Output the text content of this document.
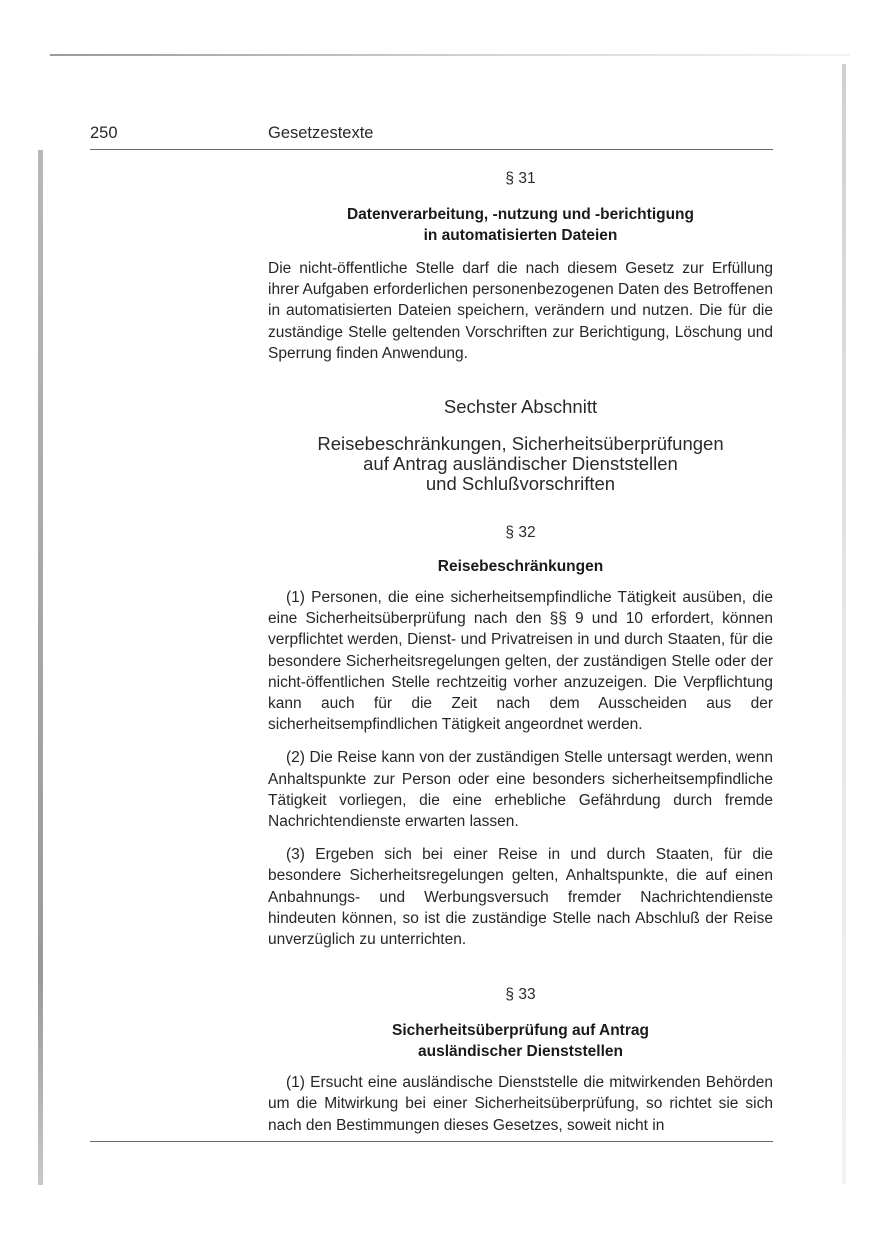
250	Gesetzestexte
§ 31
Datenverarbeitung, -nutzung und -berichtigung
in automatisierten Dateien

Die nicht-öffentliche Stelle darf die nach diesem Gesetz zur Erfüllung ihrer Aufgaben erforderlichen personenbezogenen Daten des Betroffenen in automatisierten Dateien speichern, verändern und nutzen. Die für die zuständige Stelle geltenden Vorschriften zur Berichtigung, Löschung und Sperrung finden Anwendung.

Sechster Abschnitt
Reisebeschränkungen, Sicherheitsüberprüfungen
auf Antrag ausländischer Dienststellen
und Schlußvorschriften
§ 32
Reisebeschränkungen

(1) Personen, die eine sicherheitsempfindliche Tätigkeit ausüben, die eine Sicherheitsüberprüfung nach den §§ 9 und 10 erfordert, können verpflichtet werden, Dienst- und Privatreisen in und durch Staaten, für die besondere Sicherheitsregelungen gelten, der zuständigen Stelle oder der nicht-öffentlichen Stelle rechtzeitig vorher anzuzeigen. Die Verpflichtung kann auch für die Zeit nach dem Ausscheiden aus der sicherheitsempfindlichen Tätigkeit angeordnet werden.

(2) Die Reise kann von der zuständigen Stelle untersagt werden, wenn Anhaltspunkte zur Person oder eine besonders sicherheitsempfindliche Tätigkeit vorliegen, die eine erhebliche Gefährdung durch fremde Nachrichtendienste erwarten lassen.

(3) Ergeben sich bei einer Reise in und durch Staaten, für die besondere Sicherheitsregelungen gelten, Anhaltspunkte, die auf einen Anbahnungs- und Werbungsversuch fremder Nachrichtendienste hindeuten können, so ist die zuständige Stelle nach Abschluß der Reise unverzüglich zu unterrichten.

§ 33
Sicherheitsüberprüfung auf Antrag
ausländischer Dienststellen

(1) Ersucht eine ausländische Dienststelle die mitwirkenden Behörden um die Mitwirkung bei einer Sicherheitsüberprüfung, so richtet sie sich nach den Bestimmungen dieses Gesetzes, soweit nicht in
